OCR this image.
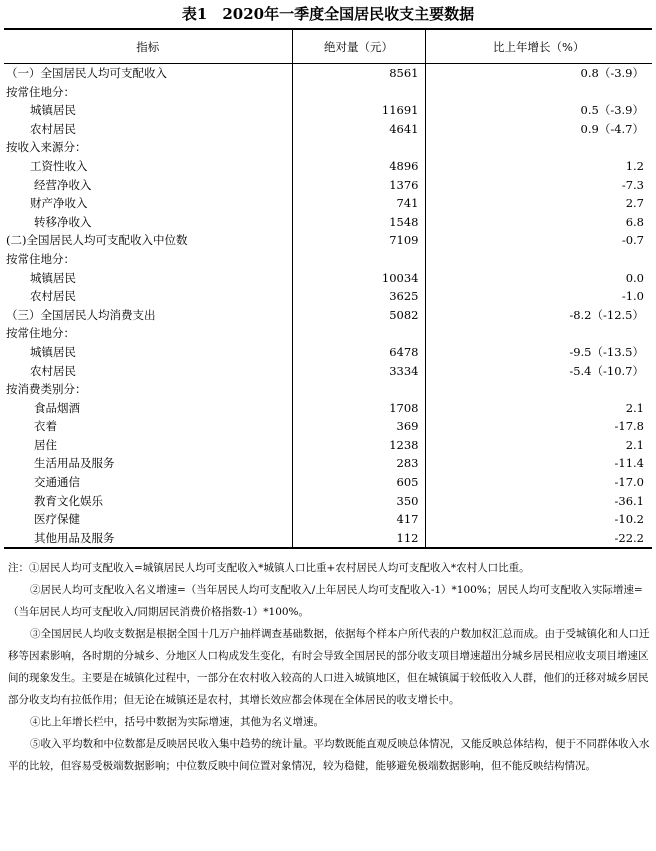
表1　2020年一季度全国居民收支主要数据
指标	绝对量（元）	比上年增长（%）
（一）全国居民人均可支配收入	8561	0.8（-3.9）
按常住地分：		
城镇居民	11691	0.5（-3.9）
农村居民	4641	0.9（-4.7）
按收入来源分：		
工资性收入	4896	1.2
经营净收入	1376	-7.3
财产净收入	741	2.7
转移净收入	1548	6.8
(二)全国居民人均可支配收入中位数	7109	-0.7
按常住地分：		
城镇居民	10034	0.0
农村居民	3625	-1.0
（三）全国居民人均消费支出	5082	-8.2（-12.5）
按常住地分：		
城镇居民	6478	-9.5（-13.5）
农村居民	3334	-5.4（-10.7）
按消费类别分：		
食品烟酒	1708	2.1
衣着	369	-17.8
居住	1238	2.1
生活用品及服务	283	-11.4
交通通信	605	-17.0
教育文化娱乐	350	-36.1
医疗保健	417	-10.2
其他用品及服务	112	-22.2

注：①居民人均可支配收入=城镇居民人均可支配收入*城镇人口比重+农村居民人均可支配收入*农村人口比重。

②居民人均可支配收入名义增速=（当年居民人均可支配收入/上年居民人均可支配收入-1）*100%；居民人均可支配收入实际增速=（当年居民人均可支配收入/同期居民消费价格指数-1）*100%。

③全国居民人均收支数据是根据全国十几万户抽样调查基础数据，依据每个样本户所代表的户数加权汇总而成。由于受城镇化和人口迁移等因素影响，各时期的分城乡、分地区人口构成发生变化，有时会导致全国居民的部分收支项目增速超出分城乡居民相应收支项目增速区间的现象发生。主要是在城镇化过程中，一部分在农村收入较高的人口进入城镇地区，但在城镇属于较低收入人群，他们的迁移对城乡居民部分收支均有拉低作用；但无论在城镇还是农村，其增长效应都会体现在全体居民的收支增长中。

④比上年增长栏中，括号中数据为实际增速，其他为名义增速。

⑤收入平均数和中位数都是反映居民收入集中趋势的统计量。平均数既能直观反映总体情况，又能反映总体结构，便于不同群体收入水平的比较，但容易受极端数据影响；中位数反映中间位置对象情况，较为稳健，能够避免极端数据影响，但不能反映结构情况。
